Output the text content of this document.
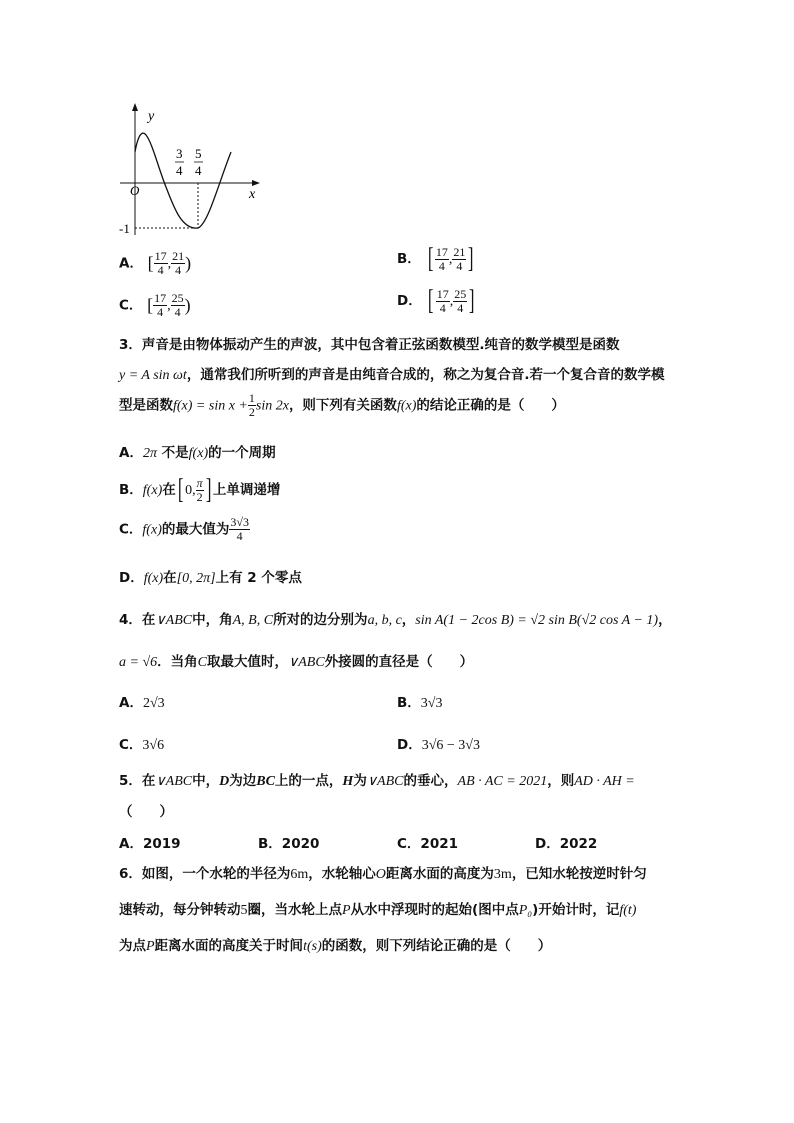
y
x
O
-1
3
4
5
4
A． [ $\frac{17}{4}$ , $\frac{21}{4}$ )	B． [ $\frac{17}{4}$ , $\frac{21}{4}$ ]
C． [ $\frac{17}{4}$ , $\frac{25}{4}$ )	D． [ $\frac{17}{4}$ , $\frac{25}{4}$ ]
3．声音是由物体振动产生的声波，其中包含着正弦函数模型.纯音的数学模型是函数
y = A sin ωt，通常我们所听到的声音是由纯音合成的，称之为复合音.若一个复合音的数学模
型是函数$f(x) = \sin x + \frac{1}{2}$ sin 2x，则下列有关函数f(x)的结论正确的是（　　）
A．2π 不是f(x)的一个周期
B．f(x)在[ 0, $\frac{\pi}{2}$ ] 上单调递增
C．f(x)的最大值为 $\frac{3√3}{4}$
D．f(x)在[0, 2π]上有 2 个零点
4．在∨ABC中，角A, B, C所对的边分别为a, b, c，sin A(1 − 2cos B) = √2 sin B(√2 cos A − 1)，
a = √6．当角C取最大值时，∨ABC外接圆的直径是（　　）
A．2√3	B．3√3
C．3√6	D．3√6 − 3√3
5．在∨ABC中，D为边BC上的一点，H为∨ABC的垂心，AB · AC = 2021，则AD · AH =
（　　）
A．2019	B．2020	C．2021	D．2022
6．如图，一个水轮的半径为6m，水轮轴心O距离水面的高度为3m，已知水轮按逆时针匀
速转动，每分钟转动5圈，当水轮上点P从水中浮现时的起始(图中点P₀)开始计时，记f(t)
为点P距离水面的高度关于时间t(s)的函数，则下列结论正确的是（　　）
